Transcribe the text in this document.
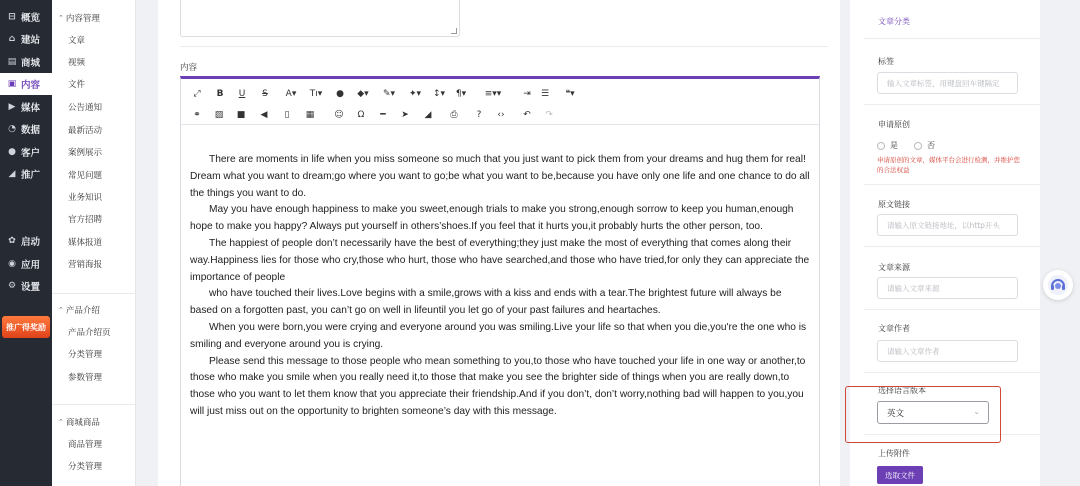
⊟ 概览
⌂ 建站
▤ 商城
▣ 内容
▶ 媒体
◔ 数据
● 客户
◢ 推广
✿ 启动
◉ 应用
⚙ 设置
推广得奖励
⌃ 内容管理
文章
视频
文件
公告通知
最新活动
案例展示
常见问题
业务知识
官方招聘
媒体报道
营销海报
⌃ 产品介绍
产品介绍页
分类管理
参数管理
⌃ 商城商品
商品管理
分类管理
内容
⤢	B	U	S	A▾	Tı▾	●	◆▾	✎▾	✦▾	↕▾	¶▾	≡▾▾	⇥	☰	❝▾
⚭	▨	■	◀	▯	▦	☺	Ω	━	➤	◢	⎙	?	‹›	↶	↷

There are moments in life when you miss someone so much that you just want to pick them from your dreams and hug them for real! Dream what you want to dream;go where you want to go;be what you want to be,because you have only one life and one chance to do all the things you want to do.

May you have enough happiness to make you sweet,enough trials to make you strong,enough sorrow to keep you human,enough hope to make you happy? Always put yourself in others’shoes.If you feel that it hurts you,it probably hurts the other person, too.

The happiest of people don’t necessarily have the best of everything;they just make the most of everything that comes along their way.Happiness lies for those who cry,those who hurt, those who have searched,and those who have tried,for only they can appreciate the importance of people

who have touched their lives.Love begins with a smile,grows with a kiss and ends with a tear.The brightest future will always be based on a forgotten past, you can’t go on well in lifeuntil you let go of your past failures and heartaches.

When you were born,you were crying and everyone around you was smiling.Live your life so that when you die,you're the one who is smiling and everyone around you is crying.

Please send this message to those people who mean something to you,to those who have touched your life in one way or another,to those who make you smile when you really need it,to those that make you see the brighter side of things when you are really down,to those who you want to let them know that you appreciate their friendship.And if you don’t, don’t worry,nothing bad will happen to you,you will just miss out on the opportunity to brighten someone’s day with this message.

文章分类
标签
输入文章标签，用键盘回车键隔定
申请原创
是	否
申请原创的文章，媒体平台会进行检测，并维护您的合法权益
原文链接
请输入原文链接地址，以http开头
文章来源
请输入文章来源
文章作者
请输入文章作者
选择语言版本
英文	⌄
上传附件
选取文件
